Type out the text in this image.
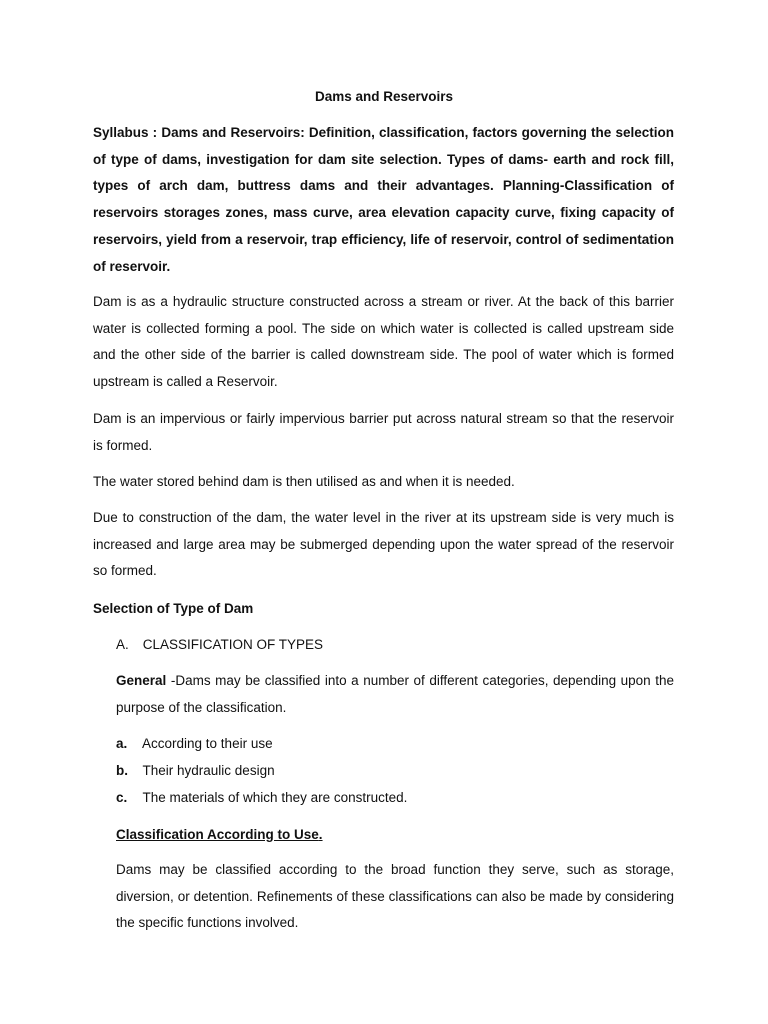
Dams and Reservoirs

Syllabus : Dams and Reservoirs: Definition, classification, factors governing the selection of type of dams, investigation for dam site selection. Types of dams- earth and rock fill, types of arch dam, buttress dams and their advantages. Planning-Classification of reservoirs storages zones, mass curve, area elevation capacity curve, fixing capacity of reservoirs, yield from a reservoir, trap efficiency, life of reservoir, control of sedimentation of reservoir.

Dam is as a hydraulic structure constructed across a stream or river. At the back of this barrier water is collected forming a pool. The side on which water is collected is called upstream side and the other side of the barrier is called downstream side. The pool of water which is formed upstream is called a Reservoir.

Dam is an impervious or fairly impervious barrier put across natural stream so that the reservoir is formed.

The water stored behind dam is then utilised as and when it is needed.

Due to construction of the dam, the water level in the river at its upstream side is very much is increased and large area may be submerged depending upon the water spread of the reservoir so formed.

Selection of Type of Dam
A. CLASSIFICATION OF TYPES

General -Dams may be classified into a number of different categories, depending upon the purpose of the classification.

a. According to their use
b. Their hydraulic design
c. The materials of which they are constructed.
Classification According to Use.

Dams may be classified according to the broad function they serve, such as storage, diversion, or detention. Refinements of these classifications can also be made by considering the specific functions involved.
